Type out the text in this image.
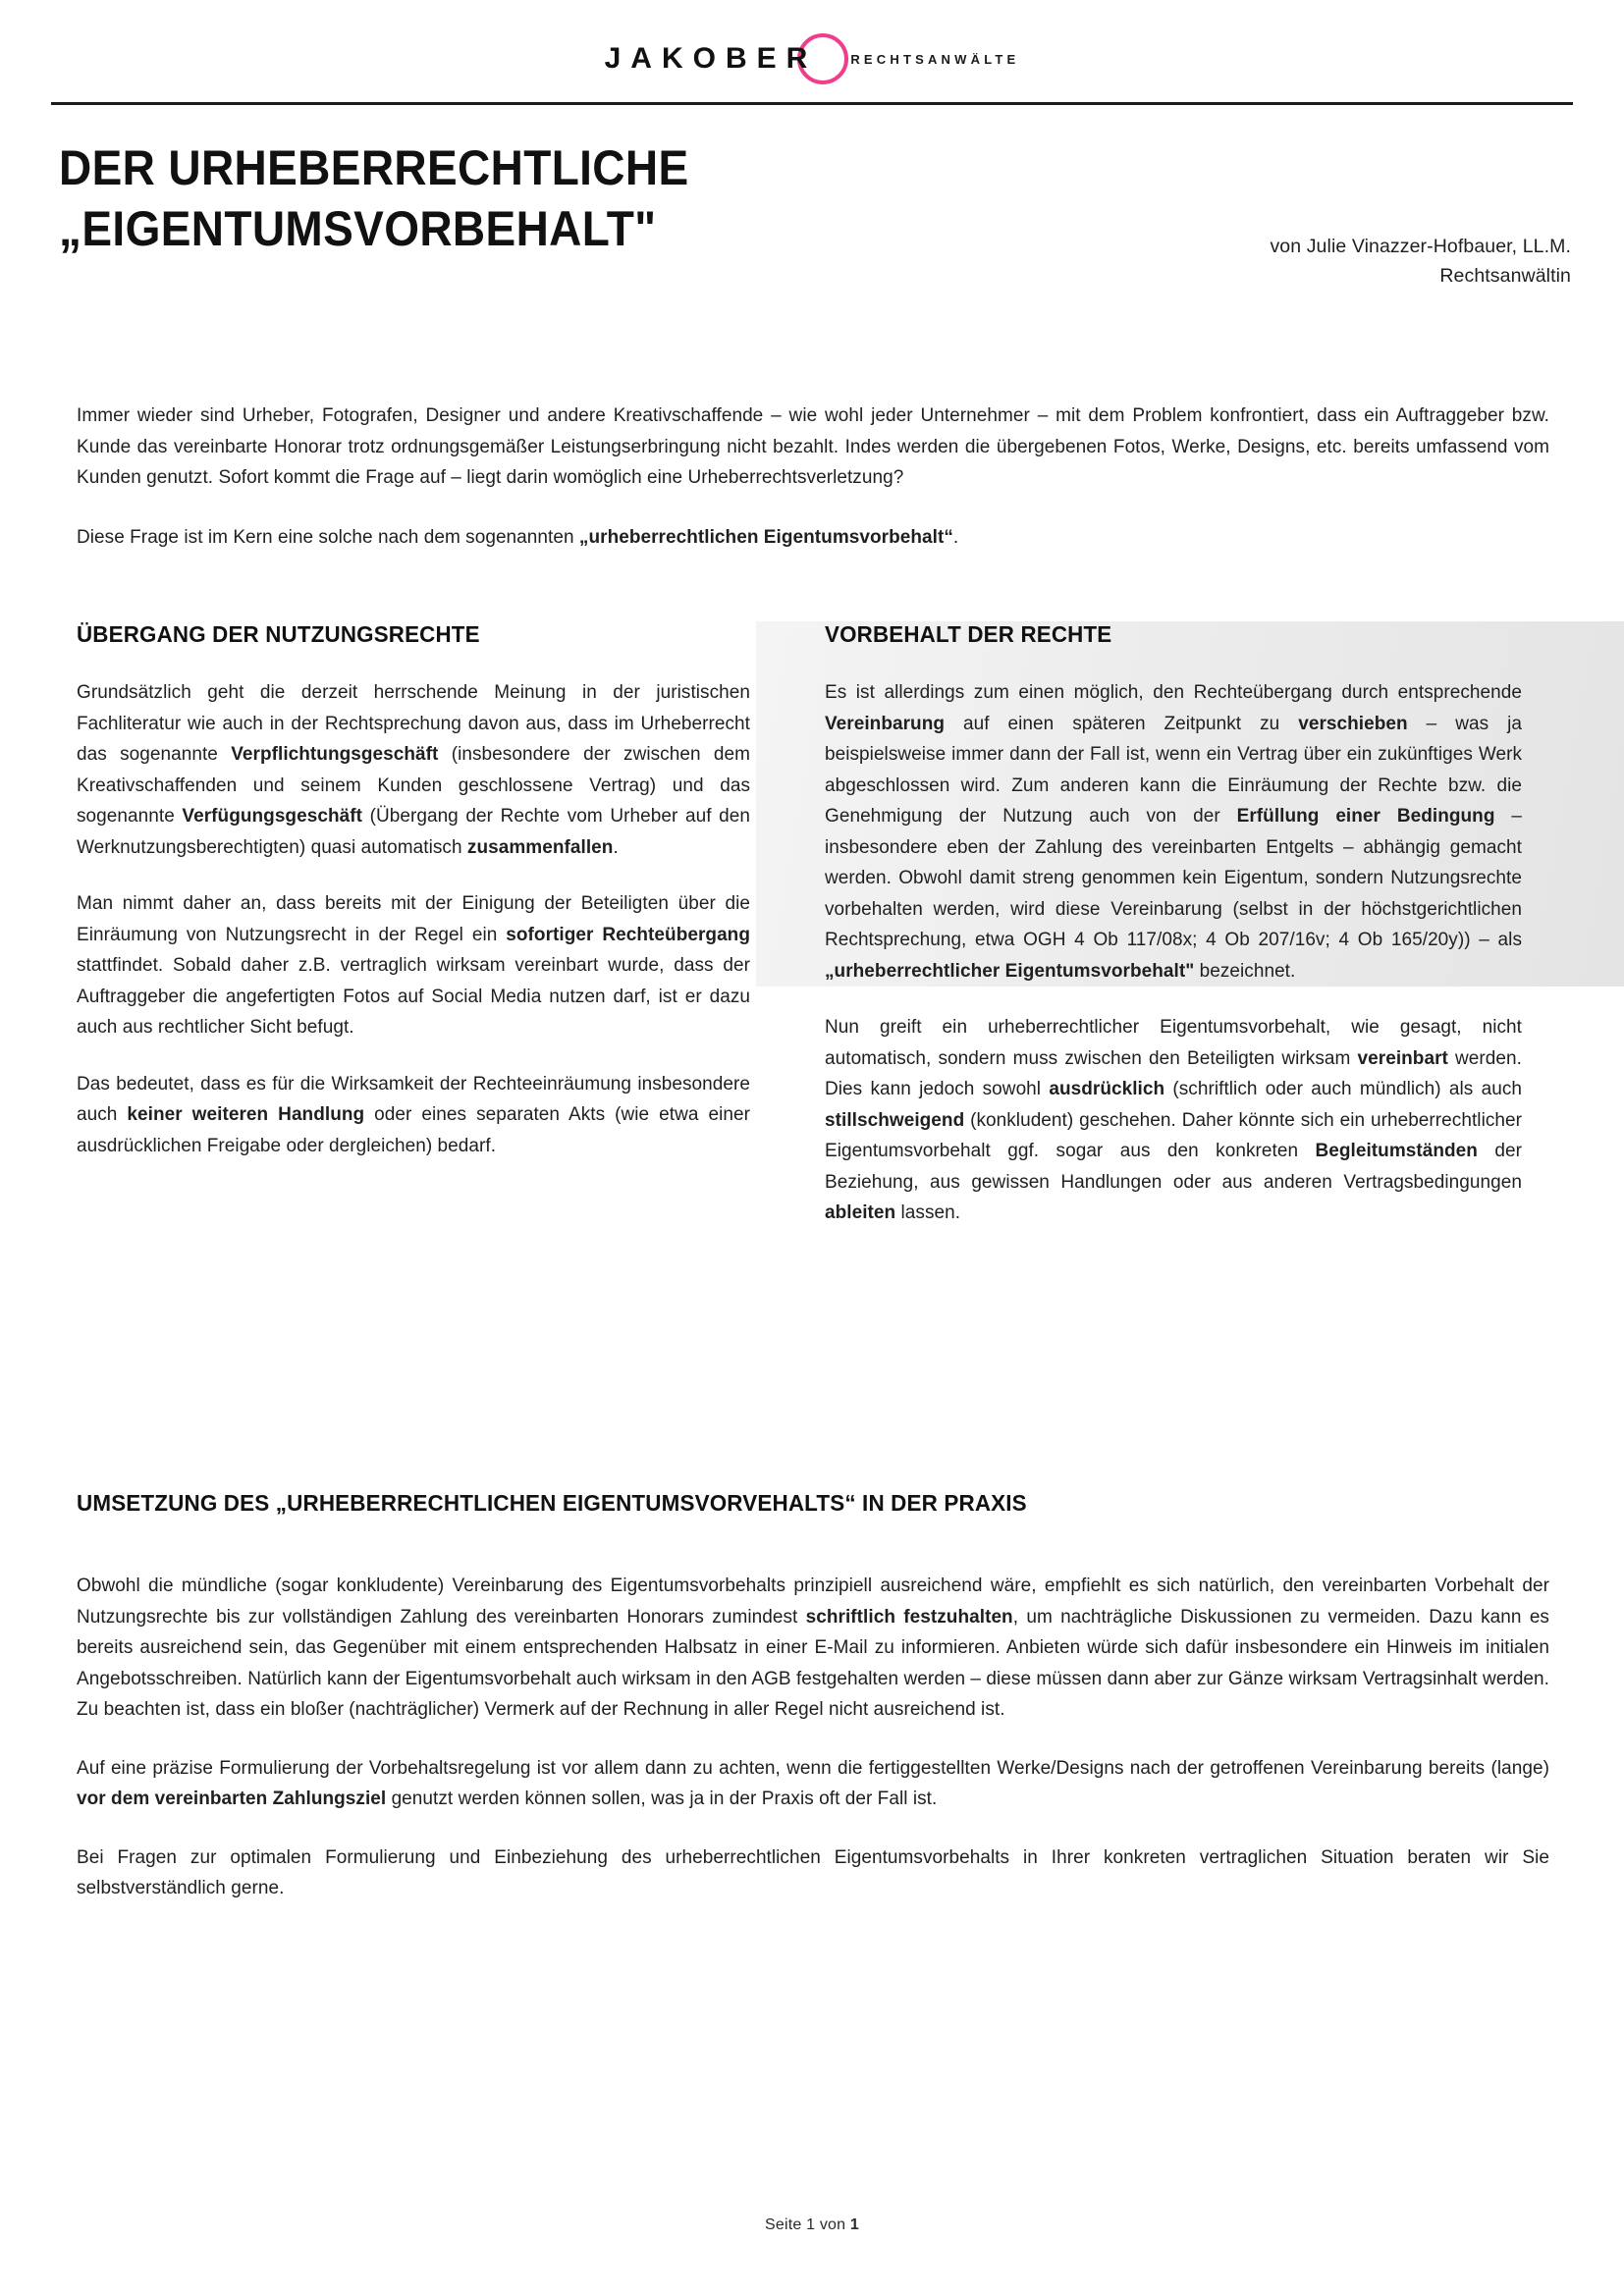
JAKOBER	RECHTSANWÄLTE
DER URHEBERRECHTLICHE
„EIGENTUMSVORBEHALT"	von Julie Vinazzer-Hofbauer, LL.M.
Rechtsanwältin

Immer wieder sind Urheber, Fotografen, Designer und andere Kreativschaffende – wie wohl jeder Unternehmer – mit dem Problem konfrontiert, dass ein Auftraggeber bzw. Kunde das vereinbarte Honorar trotz ordnungsgemäßer Leistungserbringung nicht bezahlt. Indes werden die übergebenen Fotos, Werke, Designs, etc. bereits umfassend vom Kunden genutzt. Sofort kommt die Frage auf – liegt darin womöglich eine Urheberrechtsverletzung?

Diese Frage ist im Kern eine solche nach dem sogenannten „urheberrechtlichen Eigentumsvorbehalt“.

ÜBERGANG DER NUTZUNGSRECHTE

Grundsätzlich geht die derzeit herrschende Meinung in der juristischen Fachliteratur wie auch in der Rechtsprechung davon aus, dass im Urheberrecht das sogenannte Verpflichtungsgeschäft (insbesondere der zwischen dem Kreativschaffenden und seinem Kunden geschlossene Vertrag) und das sogenannte Verfügungsgeschäft (Übergang der Rechte vom Urheber auf den Werknutzungsberechtigten) quasi automatisch zusammenfallen.

Man nimmt daher an, dass bereits mit der Einigung der Beteiligten über die Einräumung von Nutzungsrecht in der Regel ein sofortiger Rechteübergang stattfindet. Sobald daher z.B. vertraglich wirksam vereinbart wurde, dass der Auftraggeber die angefertigten Fotos auf Social Media nutzen darf, ist er dazu auch aus rechtlicher Sicht befugt.

Das bedeutet, dass es für die Wirksamkeit der Rechteeinräumung insbesondere auch keiner weiteren Handlung oder eines separaten Akts (wie etwa einer ausdrücklichen Freigabe oder dergleichen) bedarf.

VORBEHALT DER RECHTE

Es ist allerdings zum einen möglich, den Rechteübergang durch entsprechende Vereinbarung auf einen späteren Zeitpunkt zu verschieben – was ja beispielsweise immer dann der Fall ist, wenn ein Vertrag über ein zukünftiges Werk abgeschlossen wird. Zum anderen kann die Einräumung der Rechte bzw. die Genehmigung der Nutzung auch von der Erfüllung einer Bedingung – insbesondere eben der Zahlung des vereinbarten Entgelts – abhängig gemacht werden. Obwohl damit streng genommen kein Eigentum, sondern Nutzungsrechte vorbehalten werden, wird diese Vereinbarung (selbst in der höchstgerichtlichen Rechtsprechung, etwa OGH 4 Ob 117/08x; 4 Ob 207/16v; 4 Ob 165/20y)) – als „urheberrechtlicher Eigentumsvorbehalt" bezeichnet.

Nun greift ein urheberrechtlicher Eigentumsvorbehalt, wie gesagt, nicht automatisch, sondern muss zwischen den Beteiligten wirksam vereinbart werden. Dies kann jedoch sowohl ausdrücklich (schriftlich oder auch mündlich) als auch stillschweigend (konkludent) geschehen. Daher könnte sich ein urheberrechtlicher Eigentumsvorbehalt ggf. sogar aus den konkreten Begleitumständen der Beziehung, aus gewissen Handlungen oder aus anderen Vertragsbedingungen ableiten lassen.

UMSETZUNG DES „URHEBERRECHTLICHEN EIGENTUMSVORVEHALTS“ IN DER PRAXIS

Obwohl die mündliche (sogar konkludente) Vereinbarung des Eigentumsvorbehalts prinzipiell ausreichend wäre, empfiehlt es sich natürlich, den vereinbarten Vorbehalt der Nutzungsrechte bis zur vollständigen Zahlung des vereinbarten Honorars zumindest schriftlich festzuhalten, um nachträgliche Diskussionen zu vermeiden. Dazu kann es bereits ausreichend sein, das Gegenüber mit einem entsprechenden Halbsatz in einer E-Mail zu informieren. Anbieten würde sich dafür insbesondere ein Hinweis im initialen Angebotsschreiben. Natürlich kann der Eigentumsvorbehalt auch wirksam in den AGB festgehalten werden – diese müssen dann aber zur Gänze wirksam Vertragsinhalt werden. Zu beachten ist, dass ein bloßer (nachträglicher) Vermerk auf der Rechnung in aller Regel nicht ausreichend ist.

Auf eine präzise Formulierung der Vorbehaltsregelung ist vor allem dann zu achten, wenn die fertiggestellten Werke/Designs nach der getroffenen Vereinbarung bereits (lange) vor dem vereinbarten Zahlungsziel genutzt werden können sollen, was ja in der Praxis oft der Fall ist.

Bei Fragen zur optimalen Formulierung und Einbeziehung des urheberrechtlichen Eigentumsvorbehalts in Ihrer konkreten vertraglichen Situation beraten wir Sie selbstverständlich gerne.

Seite 1 von 1
